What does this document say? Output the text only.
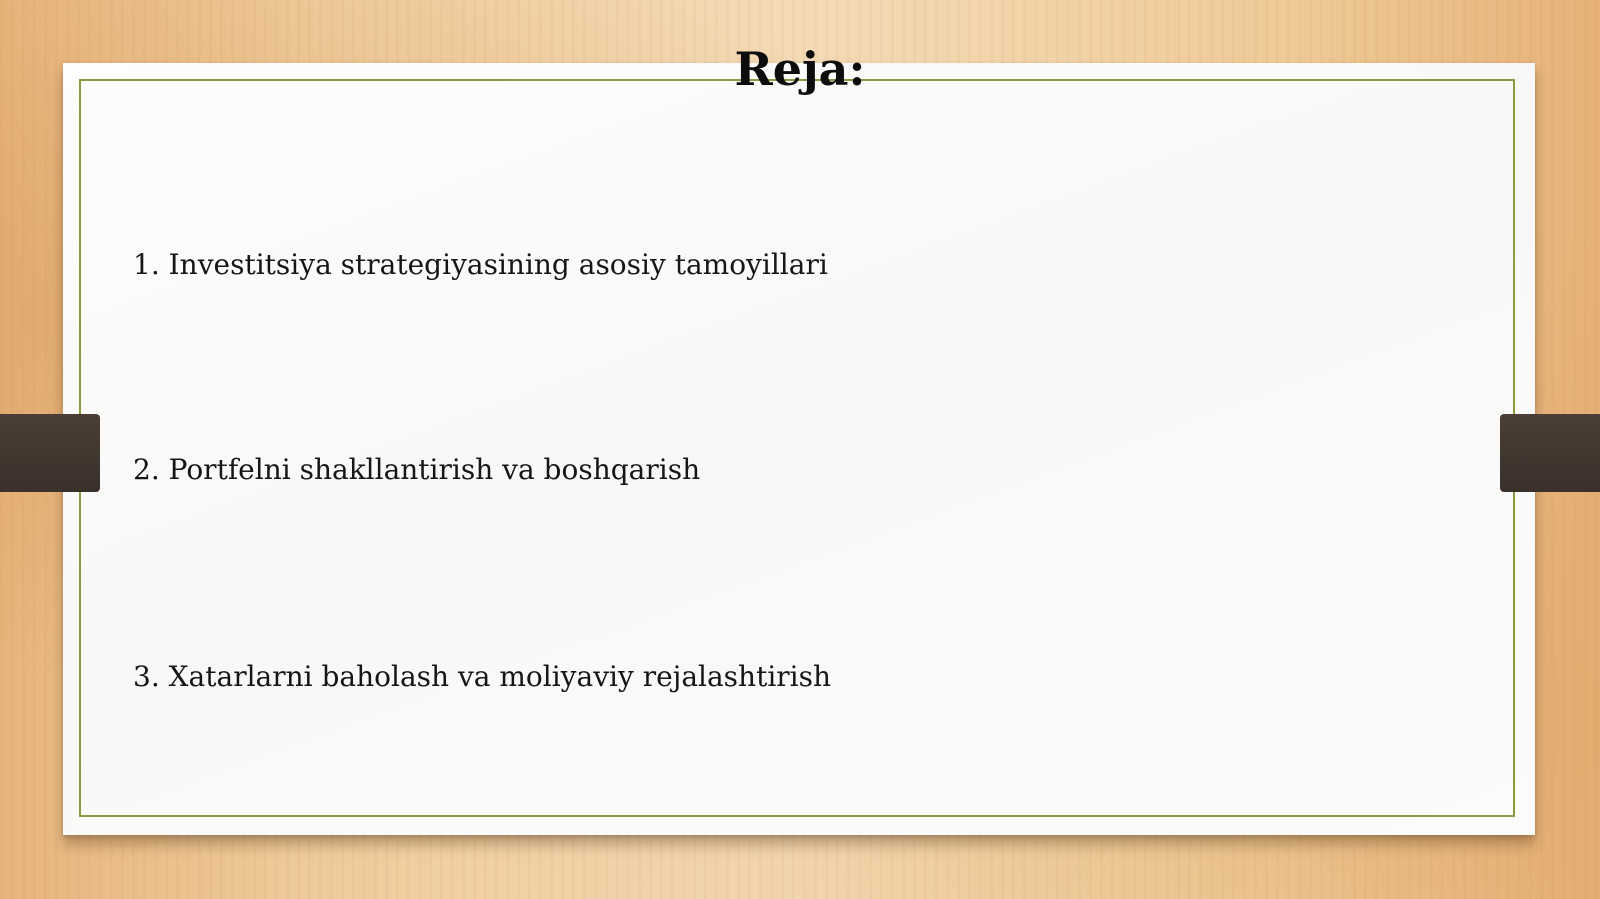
Reja:
1. Investitsiya strategiyasining asosiy tamoyillari
2. Portfelni shakllantirish va boshqarish
3. Xatarlarni baholash va moliyaviy rejalashtirish
